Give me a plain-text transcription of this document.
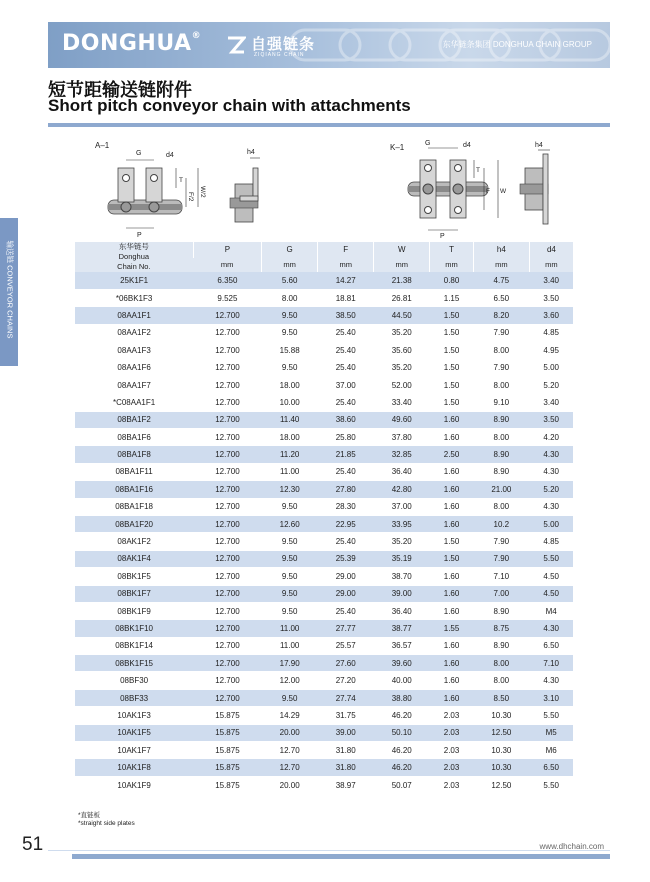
DONGHUA®	自强链条
ZIQIANG CHAIN
东华链条集团 DONGHUA CHAIN GROUP
输送链 CONVEYOR CHAINS
短节距输送链附件
Short pitch conveyor chain with attachments
A–1
G	d4
P
T
F/2 W/2
h4
K–1	G	d4
P
T
F W
h4
东华链号
Donghua
Chain No.	P	G	F	W	T	h4	d4
	mm	mm	mm	mm	mm	mm	mm
25K1F1	6.350	5.60	14.27	21.38	0.80	4.75	3.40
*06BK1F3	9.525	8.00	18.81	26.81	1.15	6.50	3.50
08AA1F1	12.700	9.50	38.50	44.50	1.50	8.20	3.60
08AA1F2	12.700	9.50	25.40	35.20	1.50	7.90	4.85
08AA1F3	12.700	15.88	25.40	35.60	1.50	8.00	4.95
08AA1F6	12.700	9.50	25.40	35.20	1.50	7.90	5.00
08AA1F7	12.700	18.00	37.00	52.00	1.50	8.00	5.20
*C08AA1F1	12.700	10.00	25.40	33.40	1.50	9.10	3.40
08BA1F2	12.700	11.40	38.60	49.60	1.60	8.90	3.50
08BA1F6	12.700	18.00	25.80	37.80	1.60	8.00	4.20
08BA1F8	12.700	11.20	21.85	32.85	2.50	8.90	4.30
08BA1F11	12.700	11.00	25.40	36.40	1.60	8.90	4.30
08BA1F16	12.700	12.30	27.80	42.80	1.60	21.00	5.20
08BA1F18	12.700	9.50	28.30	37.00	1.60	8.00	4.30
08BA1F20	12.700	12.60	22.95	33.95	1.60	10.2	5.00
08AK1F2	12.700	9.50	25.40	35.20	1.50	7.90	4.85
08AK1F4	12.700	9.50	25.39	35.19	1.50	7.90	5.50
08BK1F5	12.700	9.50	29.00	38.70	1.60	7.10	4.50
08BK1F7	12.700	9.50	29.00	39.00	1.60	7.00	4.50
08BK1F9	12.700	9.50	25.40	36.40	1.60	8.90	M4
08BK1F10	12.700	11.00	27.77	38.77	1.55	8.75	4.30
08BK1F14	12.700	11.00	25.57	36.57	1.60	8.90	6.50
08BK1F15	12.700	17.90	27.60	39.60	1.60	8.00	7.10
08BF30	12.700	12.00	27.20	40.00	1.60	8.00	4.30
08BF33	12.700	9.50	27.74	38.80	1.60	8.50	3.10
10AK1F3	15.875	14.29	31.75	46.20	2.03	10.30	5.50
10AK1F5	15.875	20.00	39.00	50.10	2.03	12.50	M5
10AK1F7	15.875	12.70	31.80	46.20	2.03	10.30	M6
10AK1F8	15.875	12.70	31.80	46.20	2.03	10.30	6.50
10AK1F9	15.875	20.00	38.97	50.07	2.03	12.50	5.50
*直链板
*straight side plates
51	www.dhchain.com
